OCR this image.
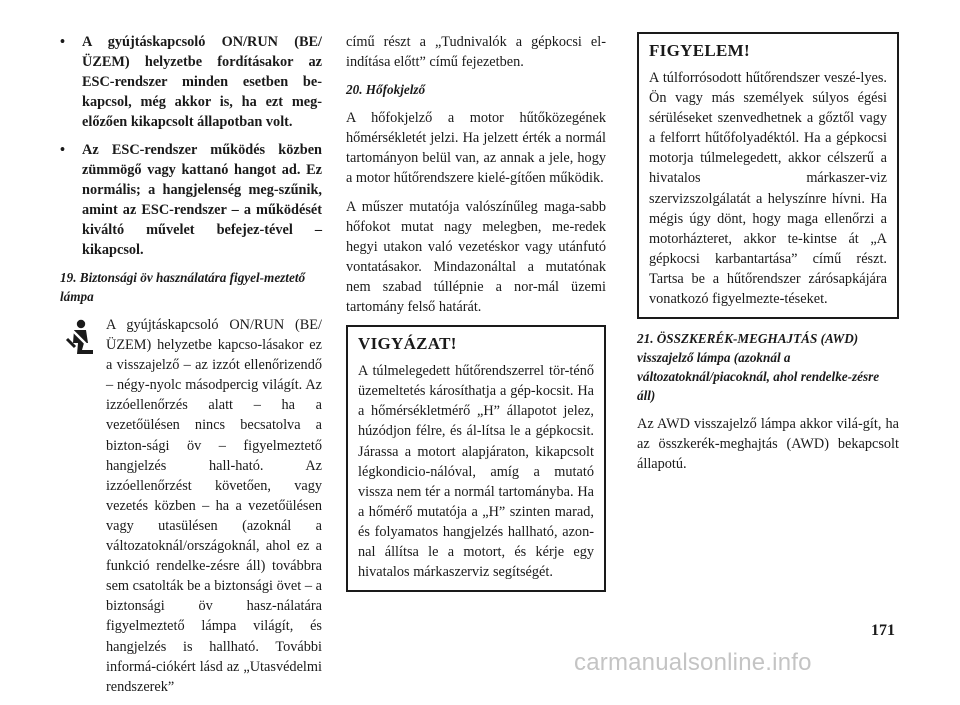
• A gyújtáskapcsoló ON/RUN (BE/ÜZEM) helyzetbe fordításakor az ESC-rendszer minden esetben be-kapcsol, még akkor is, ha ezt meg-előzően kikapcsolt állapotban volt.
• Az ESC-rendszer működés közben zümmögő vagy kattanó hangot ad. Ez normális; a hangjelenség meg-szűnik, amint az ESC-rendszer – a működését kiváltó művelet befejez-tével – kikapcsol.
19. Biztonsági öv használatára figyel-meztető lámpa
A gyújtáskapcsoló ON/RUN (BE/ÜZEM) helyzetbe kapcso-lásakor ez a visszajelző – az izzót ellenőrizendő – négy-nyolc másodpercig világít. Az izzóellenőrzés alatt – ha a vezetőülésen nincs becsatolva a bizton-sági öv – figyelmeztető hangjelzés hall-ható. Az izzóellenőrzést követően, vagy vezetés közben – ha a vezetőülésen vagy utasülésen (azoknál a változatoknál/országoknál, ahol ez a funkció rendelke-zésre áll) továbbra sem csatolták be a biztonsági övet – a biztonsági öv hasz-nálatára figyelmeztető lámpa világít, és hangjelzés is hallható. További informá-ciókért lásd az „Utasvédelmi rendszerek”
című részt a „Tudnivalók a gépkocsi el-indítása előtt” című fejezetben.
20. Hőfokjelző
A hőfokjelző a motor hűtőközegének hőmérsékletét jelzi. Ha jelzett érték a normál tartományon belül van, az annak a jele, hogy a motor hűtőrendszere kielé-gítően működik.
A műszer mutatója valószínűleg maga-sabb hőfokot mutat nagy melegben, me-redek hegyi utakon való vezetéskor vagy utánfutó vontatásakor. Mindazonáltal a mutatónak nem szabad túllépnie a nor-mál üzemi tartomány felső határát.
VIGYÁZAT!
A túlmelegedett hűtőrendszerrel tör-ténő üzemeltetés károsíthatja a gép-kocsit. Ha a hőmérsékletmérő „H” állapotot jelez, húzódjon félre, és ál-lítsa le a gépkocsit. Járassa a motort alapjáraton, kikapcsolt légkondicio-nálóval, amíg a mutató vissza nem tér a normál tartományba. Ha a hőmérő mutatója a „H” szinten marad, és folyamatos hangjelzés hallható, azon-nal állítsa le a motort, és kérje egy hivatalos márkaszerviz segítségét.
FIGYELEM!
A túlforrósodott hűtőrendszer veszé-lyes. Ön vagy más személyek súlyos égési sérüléseket szenvedhetnek a gőztől vagy a felforrt hűtőfolyadéktól. Ha a gépkocsi motorja túlmelegedett, akkor célszerű a hivatalos márkaszer-viz szervizszolgálatát a helyszínre hívni. Ha mégis úgy dönt, hogy maga ellenőrzi a motorházteret, akkor te-kintse át „A gépkocsi karbantartása” című részt. Tartsa be a hűtőrendszer zárósapkájára vonatkozó figyelmezte-téseket.
21. ÖSSZKERÉK-MEGHAJTÁS (AWD) visszajelző lámpa (azoknál a változatoknál/piacoknál, ahol rendelke-zésre áll)
Az AWD visszajelző lámpa akkor vilá-gít, ha az összkerék-meghajtás (AWD) bekapcsolt állapotú.
171
carmanualsonline.info
